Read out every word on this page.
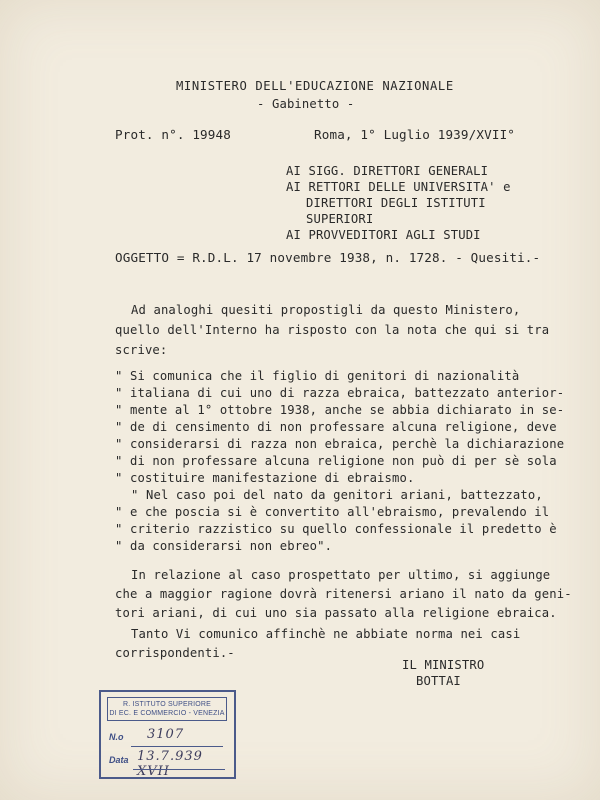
MINISTERO DELL'EDUCAZIONE NAZIONALE
- Gabinetto -
Prot. n°. 19948	Roma, 1° Luglio 1939/XVII°
AI SIGG. DIRETTORI GENERALI
AI RETTORI DELLE UNIVERSITA' e
DIRETTORI DEGLI ISTITUTI
SUPERIORI
AI PROVVEDITORI AGLI STUDI
OGGETTO = R.D.L. 17 novembre 1938, n. 1728. - Quesiti.-
Ad analoghi quesiti propostigli da questo Ministero,
quello dell'Interno ha risposto con la nota che qui si tra
scrive:
" Si comunica che il figlio di genitori di nazionalità
" italiana di cui uno di razza ebraica, battezzato anterior-
" mente al 1° ottobre 1938, anche se abbia dichiarato in se-
" de di censimento di non professare alcuna religione, deve
" considerarsi di razza non ebraica, perchè la dichiarazione
" di non professare alcuna religione non può di per sè sola
" costituire manifestazione di ebraismo.
" Nel caso poi del nato da genitori ariani, battezzato,
" e che poscia si è convertito all'ebraismo, prevalendo il
" criterio razzistico su quello confessionale il predetto è
" da considerarsi non ebreo".
In relazione al caso prospettato per ultimo, si aggiunge
che a maggior ragione dovrà ritenersi ariano il nato da geni-
tori ariani, di cui uno sia passato alla religione ebraica.
Tanto Vi comunico affinchè ne abbiate norma nei casi
corrispondenti.-
IL MINISTRO
BOTTAI
R. ISTITUTO SUPERIORE
DI EC. E COMMERCIO - VENEZIA
N.o 3107
Data 13.7.939 XVII
